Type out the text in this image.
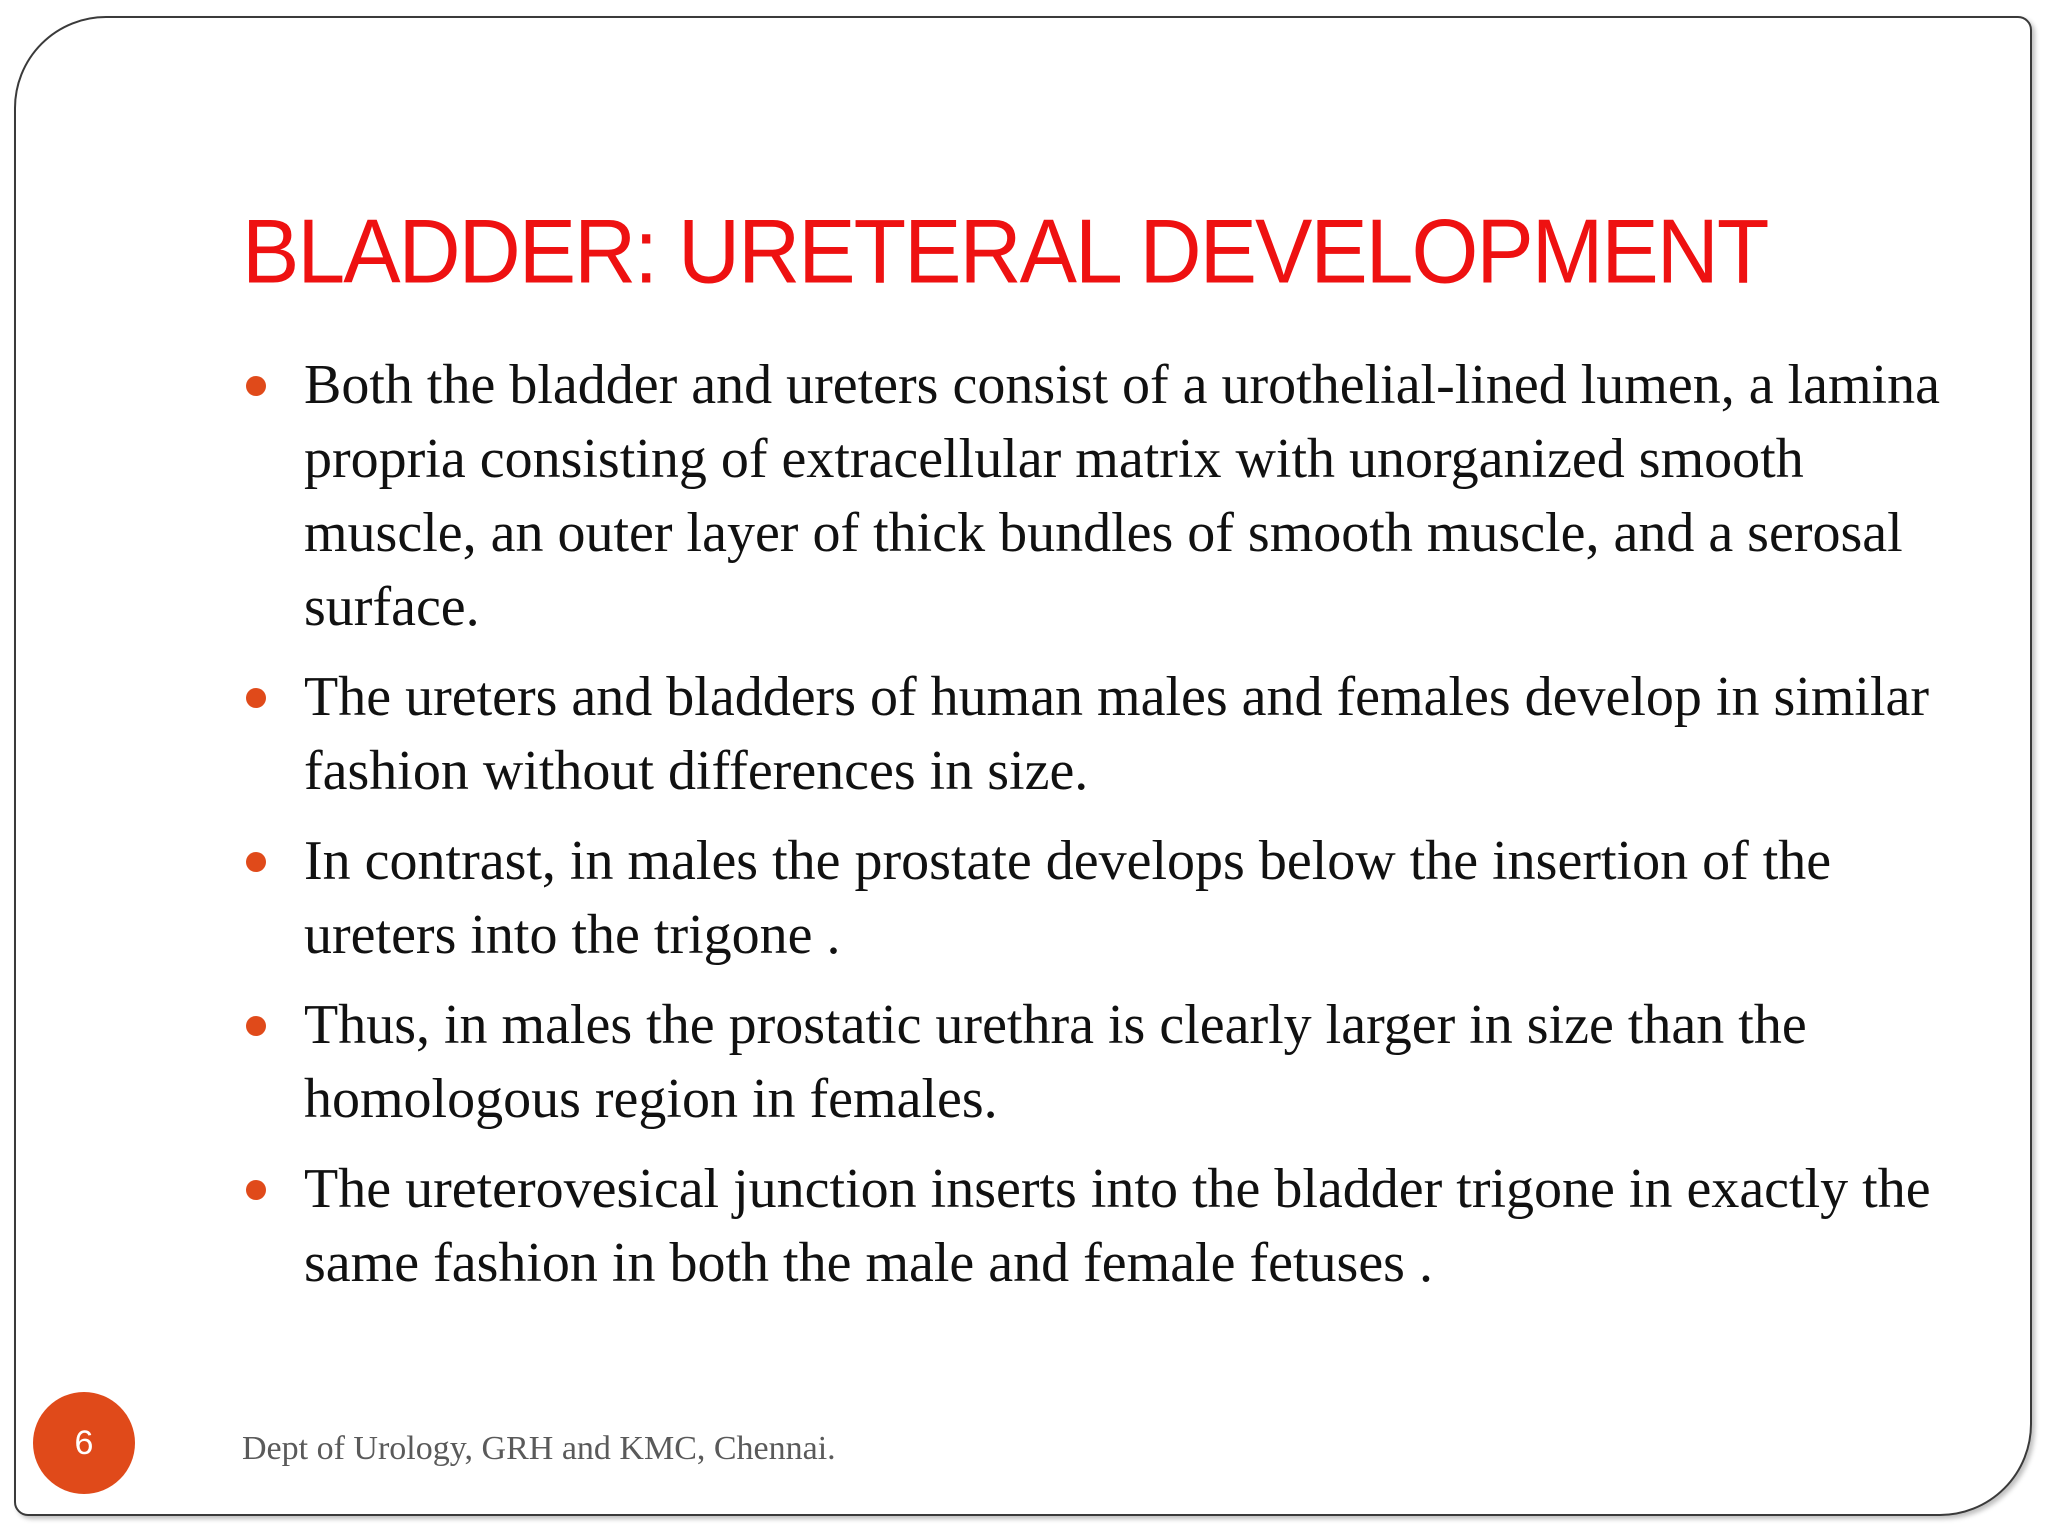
BLADDER: URETERAL DEVELOPMENT
Both the bladder and ureters consist of a urothelial-lined lumen, a lamina propria consisting of extracellular matrix with unorganized smooth muscle, an outer layer of thick bundles of smooth muscle, and a serosal surface.
The ureters and bladders of human males and females develop in similar fashion without differences in size.
In contrast, in males the prostate develops below the insertion of the ureters into the trigone .
Thus, in males the prostatic urethra is clearly larger in size than the homologous region in females.
The ureterovesical junction inserts into the bladder trigone in exactly the same fashion in both the male and female fetuses .
Dept of Urology, GRH and KMC, Chennai.
6
